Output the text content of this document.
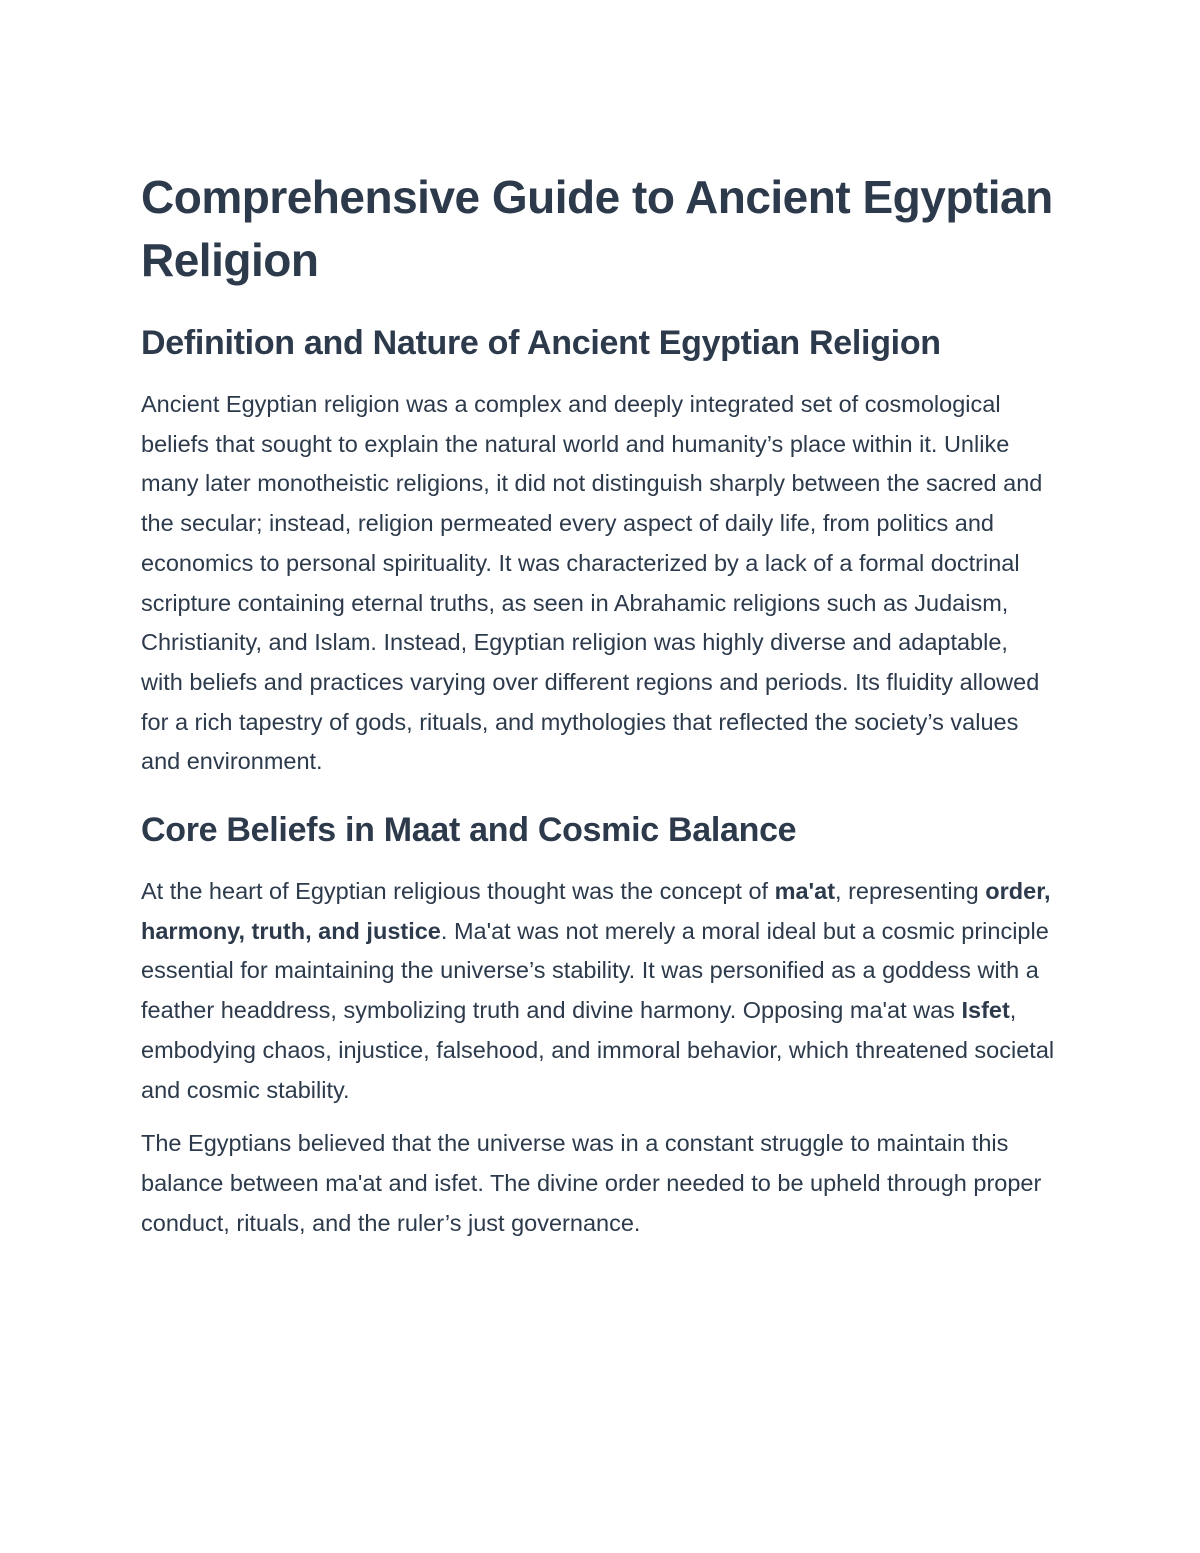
Comprehensive Guide to Ancient Egyptian Religion
Definition and Nature of Ancient Egyptian Religion

Ancient Egyptian religion was a complex and deeply integrated set of cosmological beliefs that sought to explain the natural world and humanity’s place within it. Unlike many later monotheistic religions, it did not distinguish sharply between the sacred and the secular; instead, religion permeated every aspect of daily life, from politics and economics to personal spirituality. It was characterized by a lack of a formal doctrinal scripture containing eternal truths, as seen in Abrahamic religions such as Judaism, Christianity, and Islam. Instead, Egyptian religion was highly diverse and adaptable, with beliefs and practices varying over different regions and periods. Its fluidity allowed for a rich tapestry of gods, rituals, and mythologies that reflected the society’s values and environment.

Core Beliefs in Maat and Cosmic Balance

At the heart of Egyptian religious thought was the concept of ma'at, representing order, harmony, truth, and justice. Ma'at was not merely a moral ideal but a cosmic principle essential for maintaining the universe’s stability. It was personified as a goddess with a feather headdress, symbolizing truth and divine harmony. Opposing ma'at was Isfet, embodying chaos, injustice, falsehood, and immoral behavior, which threatened societal and cosmic stability.

The Egyptians believed that the universe was in a constant struggle to maintain this balance between ma'at and isfet. The divine order needed to be upheld through proper conduct, rituals, and the ruler’s just governance.
